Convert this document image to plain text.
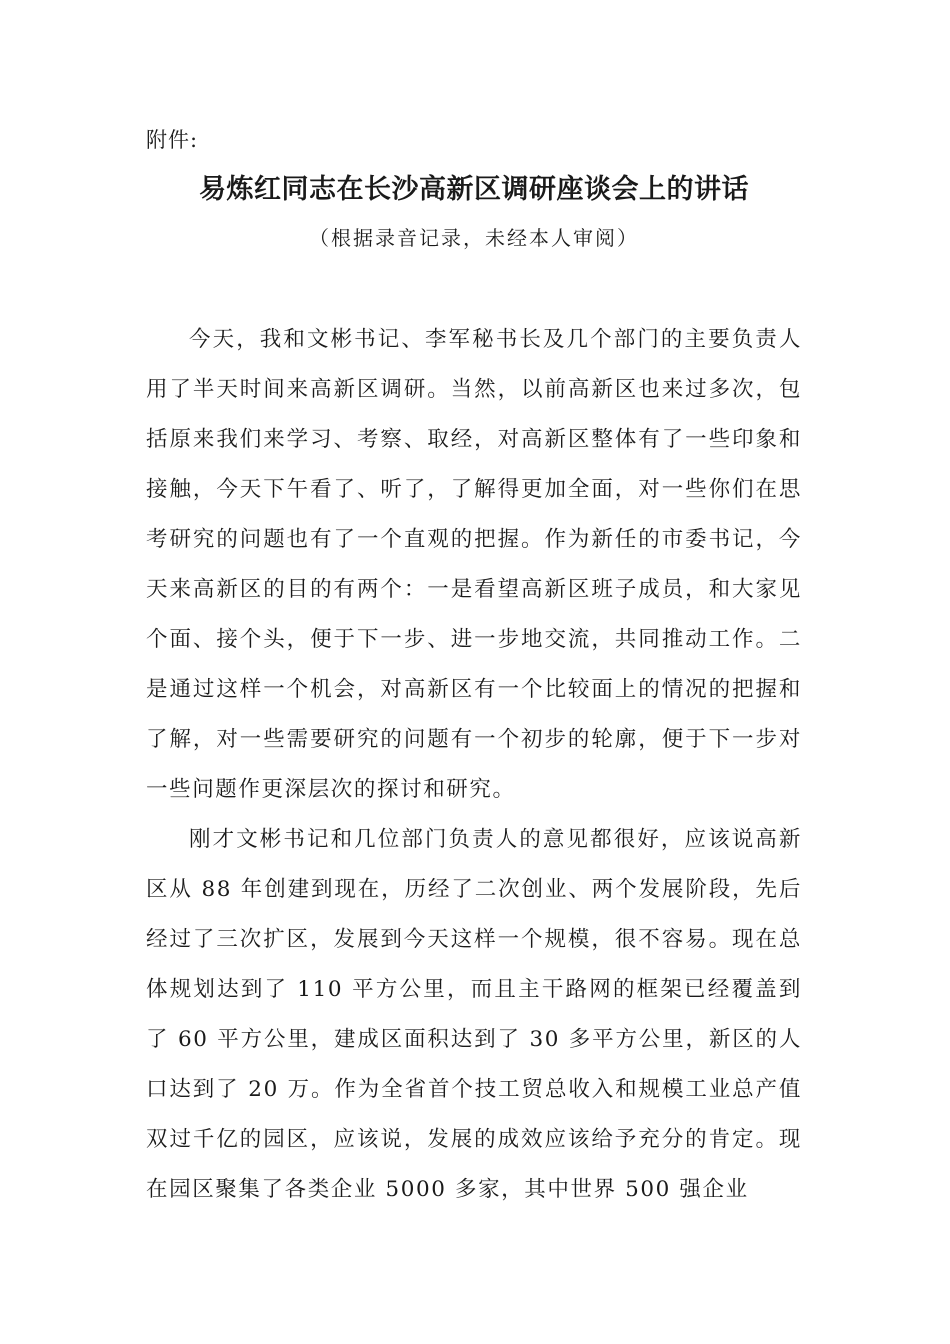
附件:
易炼红同志在长沙高新区调研座谈会上的讲话
（根据录音记录，未经本人审阅）

今天，我和文彬书记、李军秘书长及几个部门的主要负责人用了半天时间来高新区调研。当然，以前高新区也来过多次，包括原来我们来学习、考察、取经，对高新区整体有了一些印象和接触，今天下午看了、听了，了解得更加全面，对一些你们在思考研究的问题也有了一个直观的把握。作为新任的市委书记，今天来高新区的目的有两个：一是看望高新区班子成员，和大家见个面、接个头，便于下一步、进一步地交流，共同推动工作。二是通过这样一个机会，对高新区有一个比较面上的情况的把握和了解，对一些需要研究的问题有一个初步的轮廓，便于下一步对一些问题作更深层次的探讨和研究。

刚才文彬书记和几位部门负责人的意见都很好，应该说高新区从 88 年创建到现在，历经了二次创业、两个发展阶段，先后经过了三次扩区，发展到今天这样一个规模，很不容易。现在总体规划达到了 110 平方公里，而且主干路网的框架已经覆盖到了 60 平方公里，建成区面积达到了 30 多平方公里，新区的人口达到了 20 万。作为全省首个技工贸总收入和规模工业总产值双过千亿的园区，应该说，发展的成效应该给予充分的肯定。现在园区聚集了各类企业 5000 多家，其中世界 500 强企业
